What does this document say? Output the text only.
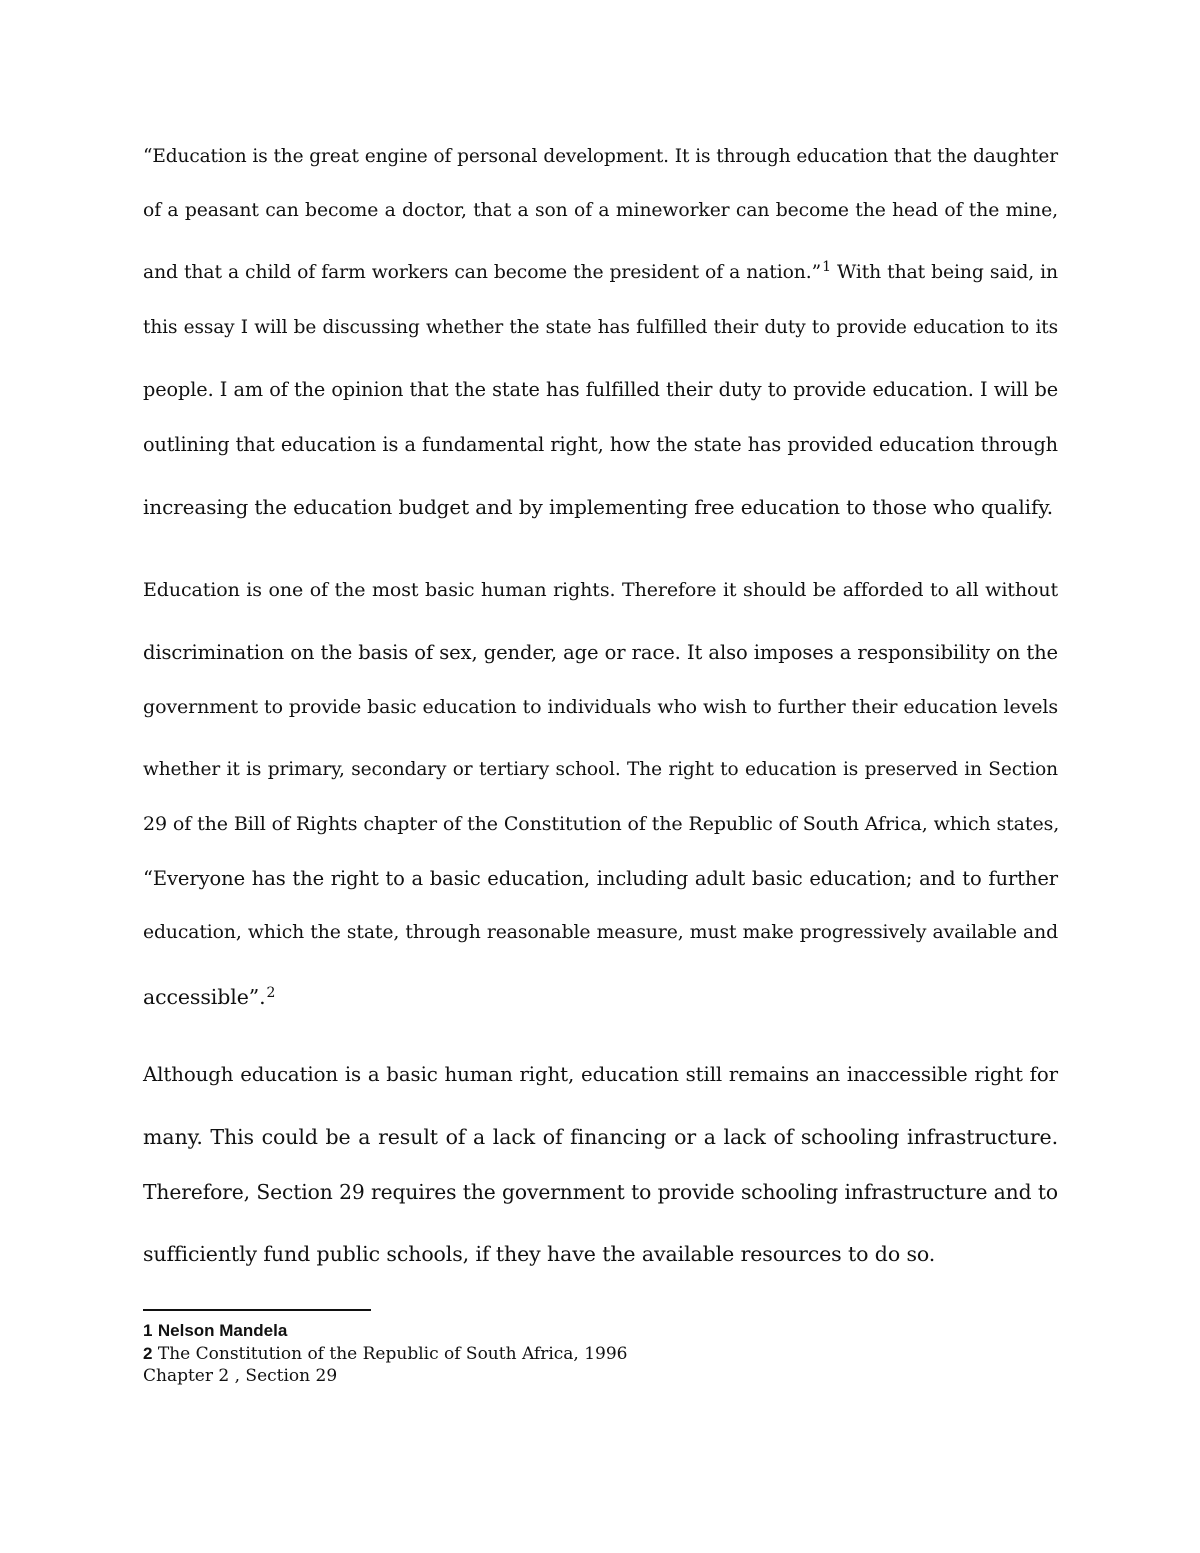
“Education is the great engine of personal development. It is through education that the daughter
of a peasant can become a doctor, that a son of a mineworker can become the head of the mine,
and that a child of farm workers can become the president of a nation.”$^1$ With that being said, in
this essay I will be discussing whether the state has fulfilled their duty to provide education to its
people. I am of the opinion that the state has fulfilled their duty to provide education. I will be
outlining that education is a fundamental right, how the state has provided education through
increasing the education budget and by implementing free education to those who qualify.
Education is one of the most basic human rights. Therefore it should be afforded to all without
discrimination on the basis of sex, gender, age or race. It also imposes a responsibility on the
government to provide basic education to individuals who wish to further their education levels
whether it is primary, secondary or tertiary school. The right to education is preserved in Section
29 of the Bill of Rights chapter of the Constitution of the Republic of South Africa, which states,
“Everyone has the right to a basic education, including adult basic education; and to further
education, which the state, through reasonable measure, must make progressively available and
accessible”.$^2$
Although education is a basic human right, education still remains an inaccessible right for
many. This could be a result of a lack of financing or a lack of schooling infrastructure.
Therefore, Section 29 requires the government to provide schooling infrastructure and to
sufficiently fund public schools, if they have the available resources to do so.
1 Nelson Mandela
2 The Constitution of the Republic of South Africa, 1996
Chapter 2 , Section 29
